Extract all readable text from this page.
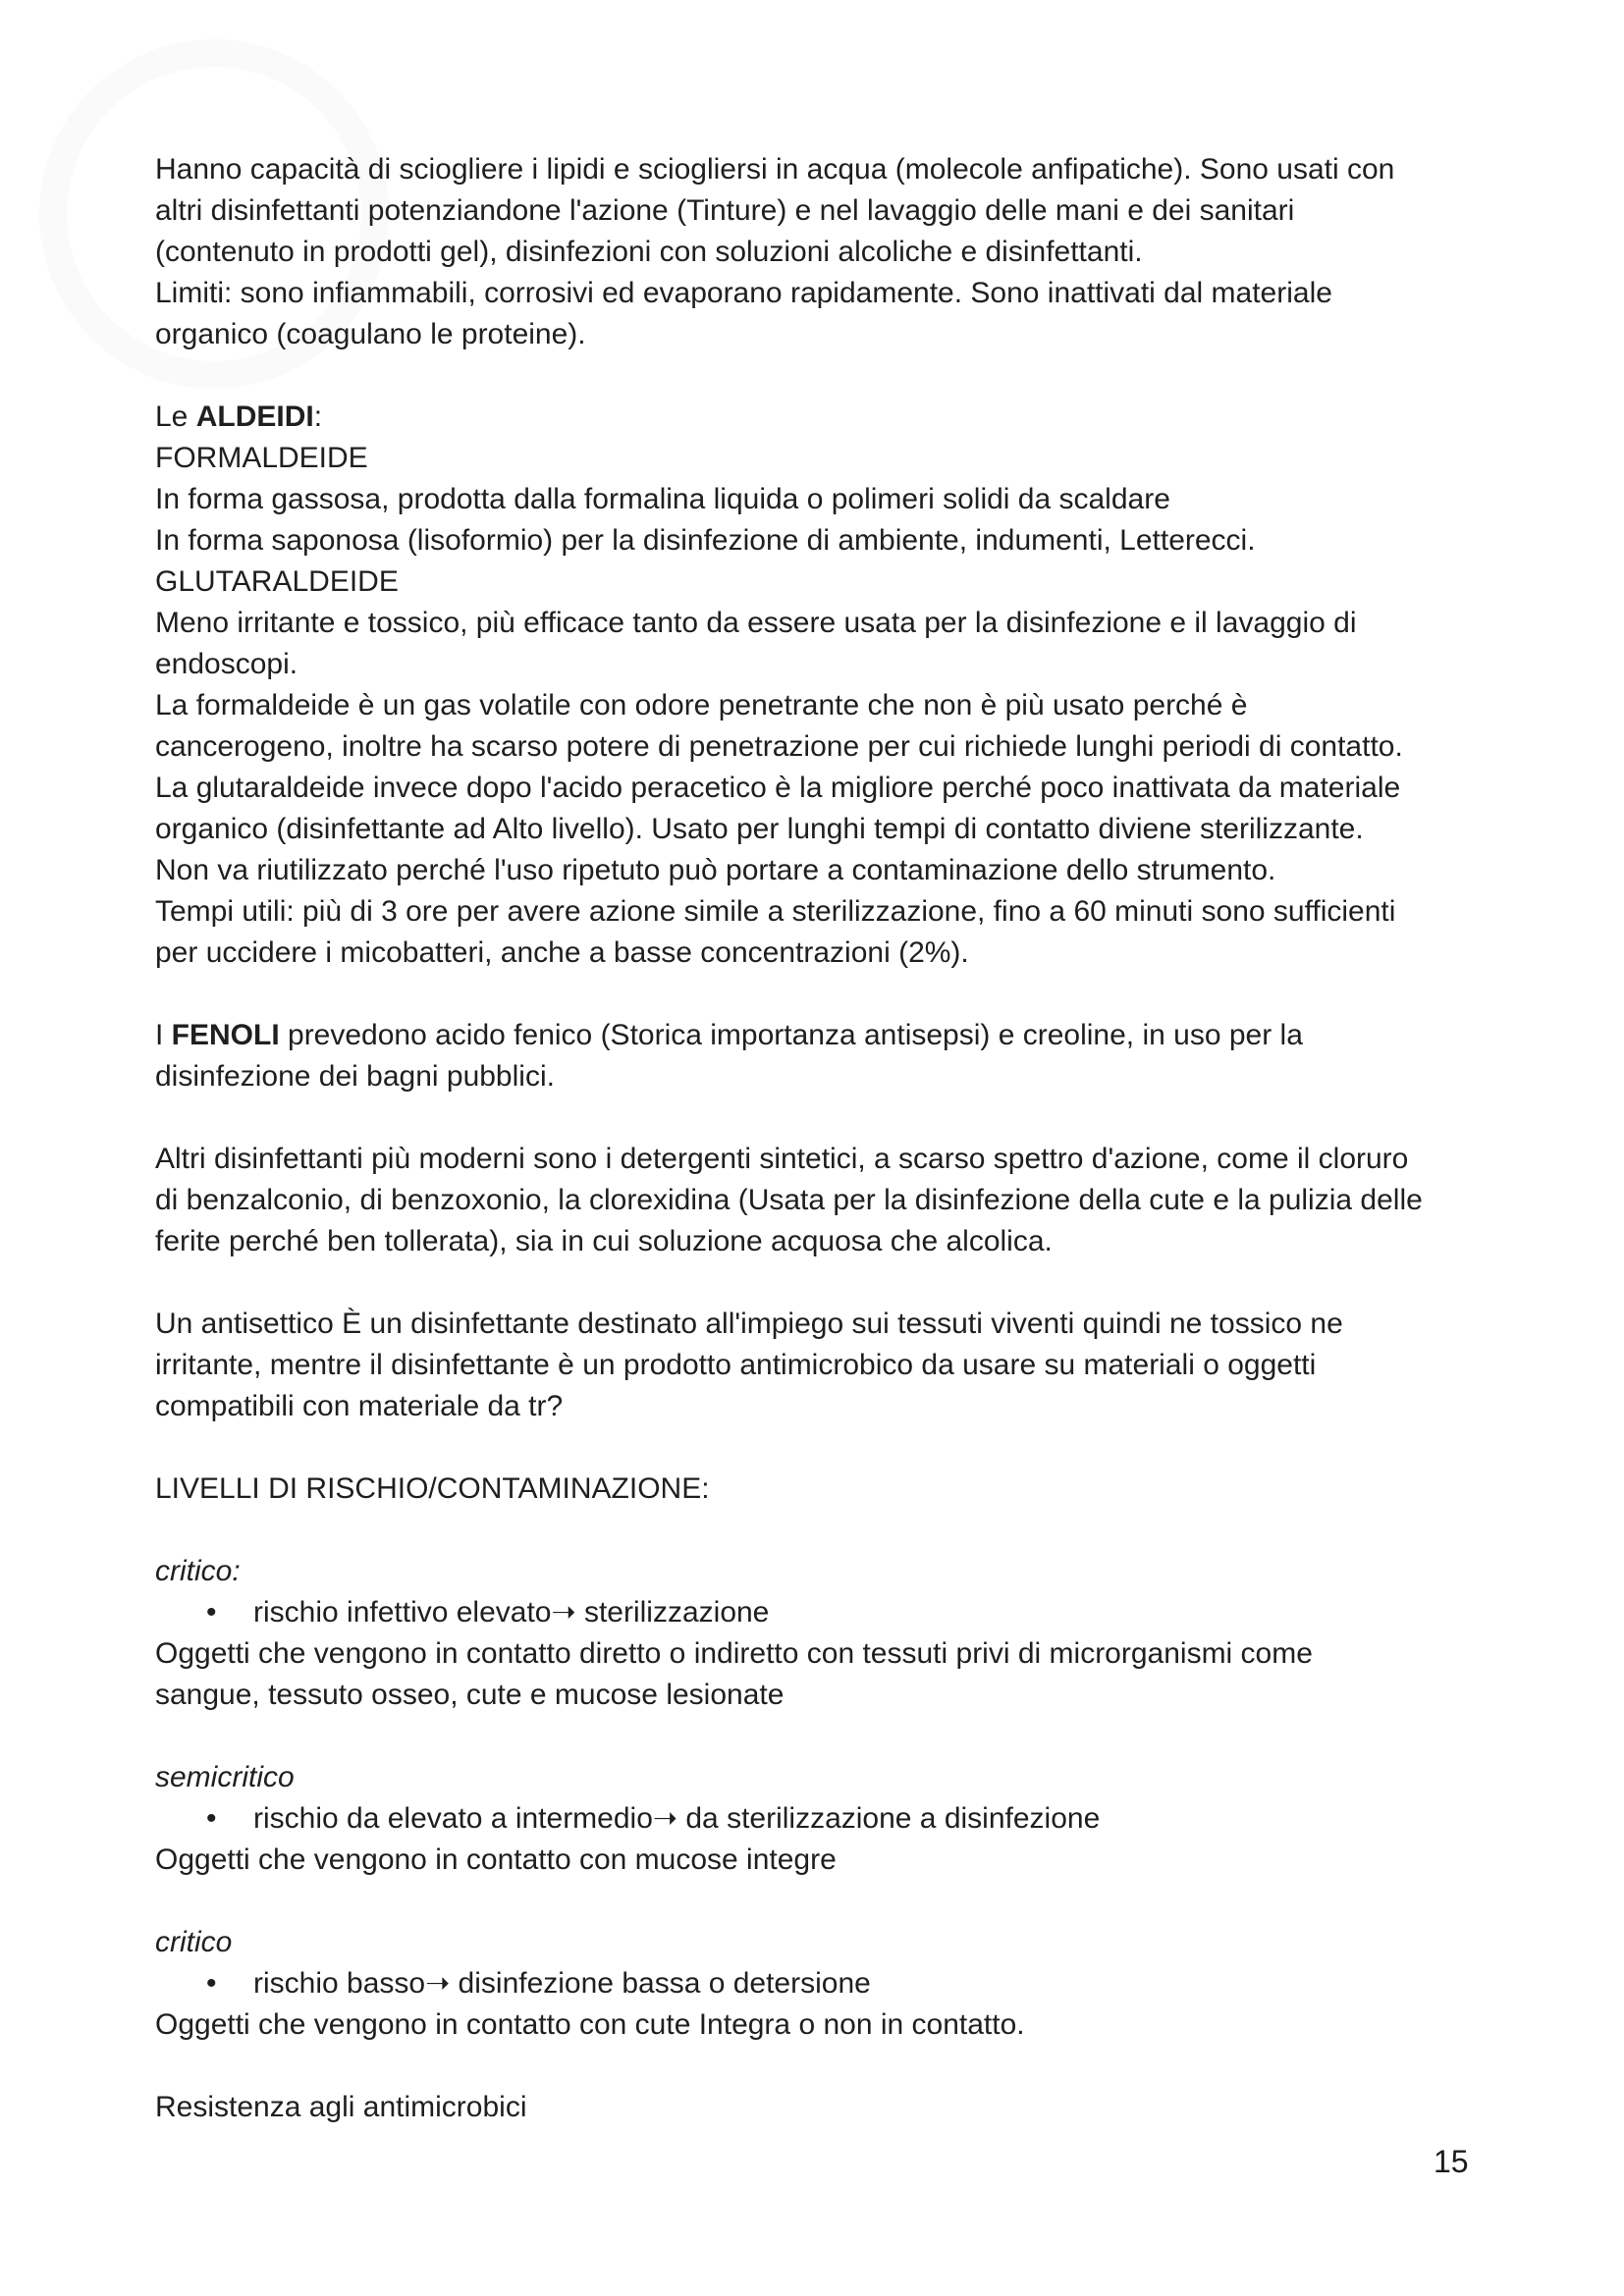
Hanno capacità di sciogliere i lipidi e sciogliersi in acqua (molecole anfipatiche). Sono usati con
altri disinfettanti potenziandone l'azione (Tinture) e nel lavaggio delle mani e dei sanitari
(contenuto in prodotti gel), disinfezioni con soluzioni alcoliche e disinfettanti.
Limiti: sono infiammabili, corrosivi ed evaporano rapidamente. Sono inattivati dal materiale
organico (coagulano le proteine).
Le ALDEIDI:
FORMALDEIDE
In forma gassosa, prodotta dalla formalina liquida o polimeri solidi da scaldare
In forma saponosa (lisoformio) per la disinfezione di ambiente, indumenti, Letterecci.
GLUTARALDEIDE
Meno irritante e tossico, più efficace tanto da essere usata per la disinfezione e il lavaggio di
endoscopi.
La formaldeide è un gas volatile con odore penetrante che non è più usato perché è
cancerogeno, inoltre ha scarso potere di penetrazione per cui richiede lunghi periodi di contatto.
La glutaraldeide invece dopo l'acido peracetico è la migliore perché poco inattivata da materiale
organico (disinfettante ad Alto livello). Usato per lunghi tempi di contatto diviene sterilizzante.
Non va riutilizzato perché l'uso ripetuto può portare a contaminazione dello strumento.
Tempi utili: più di 3 ore per avere azione simile a sterilizzazione, fino a 60 minuti sono sufficienti
per uccidere i micobatteri, anche a basse concentrazioni (2%).
I FENOLI prevedono acido fenico (Storica importanza antisepsi) e creoline, in uso per la
disinfezione dei bagni pubblici.
Altri disinfettanti più moderni sono i detergenti sintetici, a scarso spettro d'azione, come il cloruro
di benzalconio, di benzoxonio, la clorexidina (Usata per la disinfezione della cute e la pulizia delle
ferite perché ben tollerata), sia in cui soluzione acquosa che alcolica.
Un antisettico È un disinfettante destinato all'impiego sui tessuti viventi quindi ne tossico ne
irritante, mentre il disinfettante è un prodotto antimicrobico da usare su materiali o oggetti
compatibili con materiale da tr?
LIVELLI DI RISCHIO/CONTAMINAZIONE:
critico:
• rischio infettivo elevato➝ sterilizzazione
Oggetti che vengono in contatto diretto o indiretto con tessuti privi di microrganismi come
sangue, tessuto osseo, cute e mucose lesionate
semicritico
• rischio da elevato a intermedio➝ da sterilizzazione a disinfezione
Oggetti che vengono in contatto con mucose integre
critico
• rischio basso➝ disinfezione bassa o detersione
Oggetti che vengono in contatto con cute Integra o non in contatto.
Resistenza agli antimicrobici
15
